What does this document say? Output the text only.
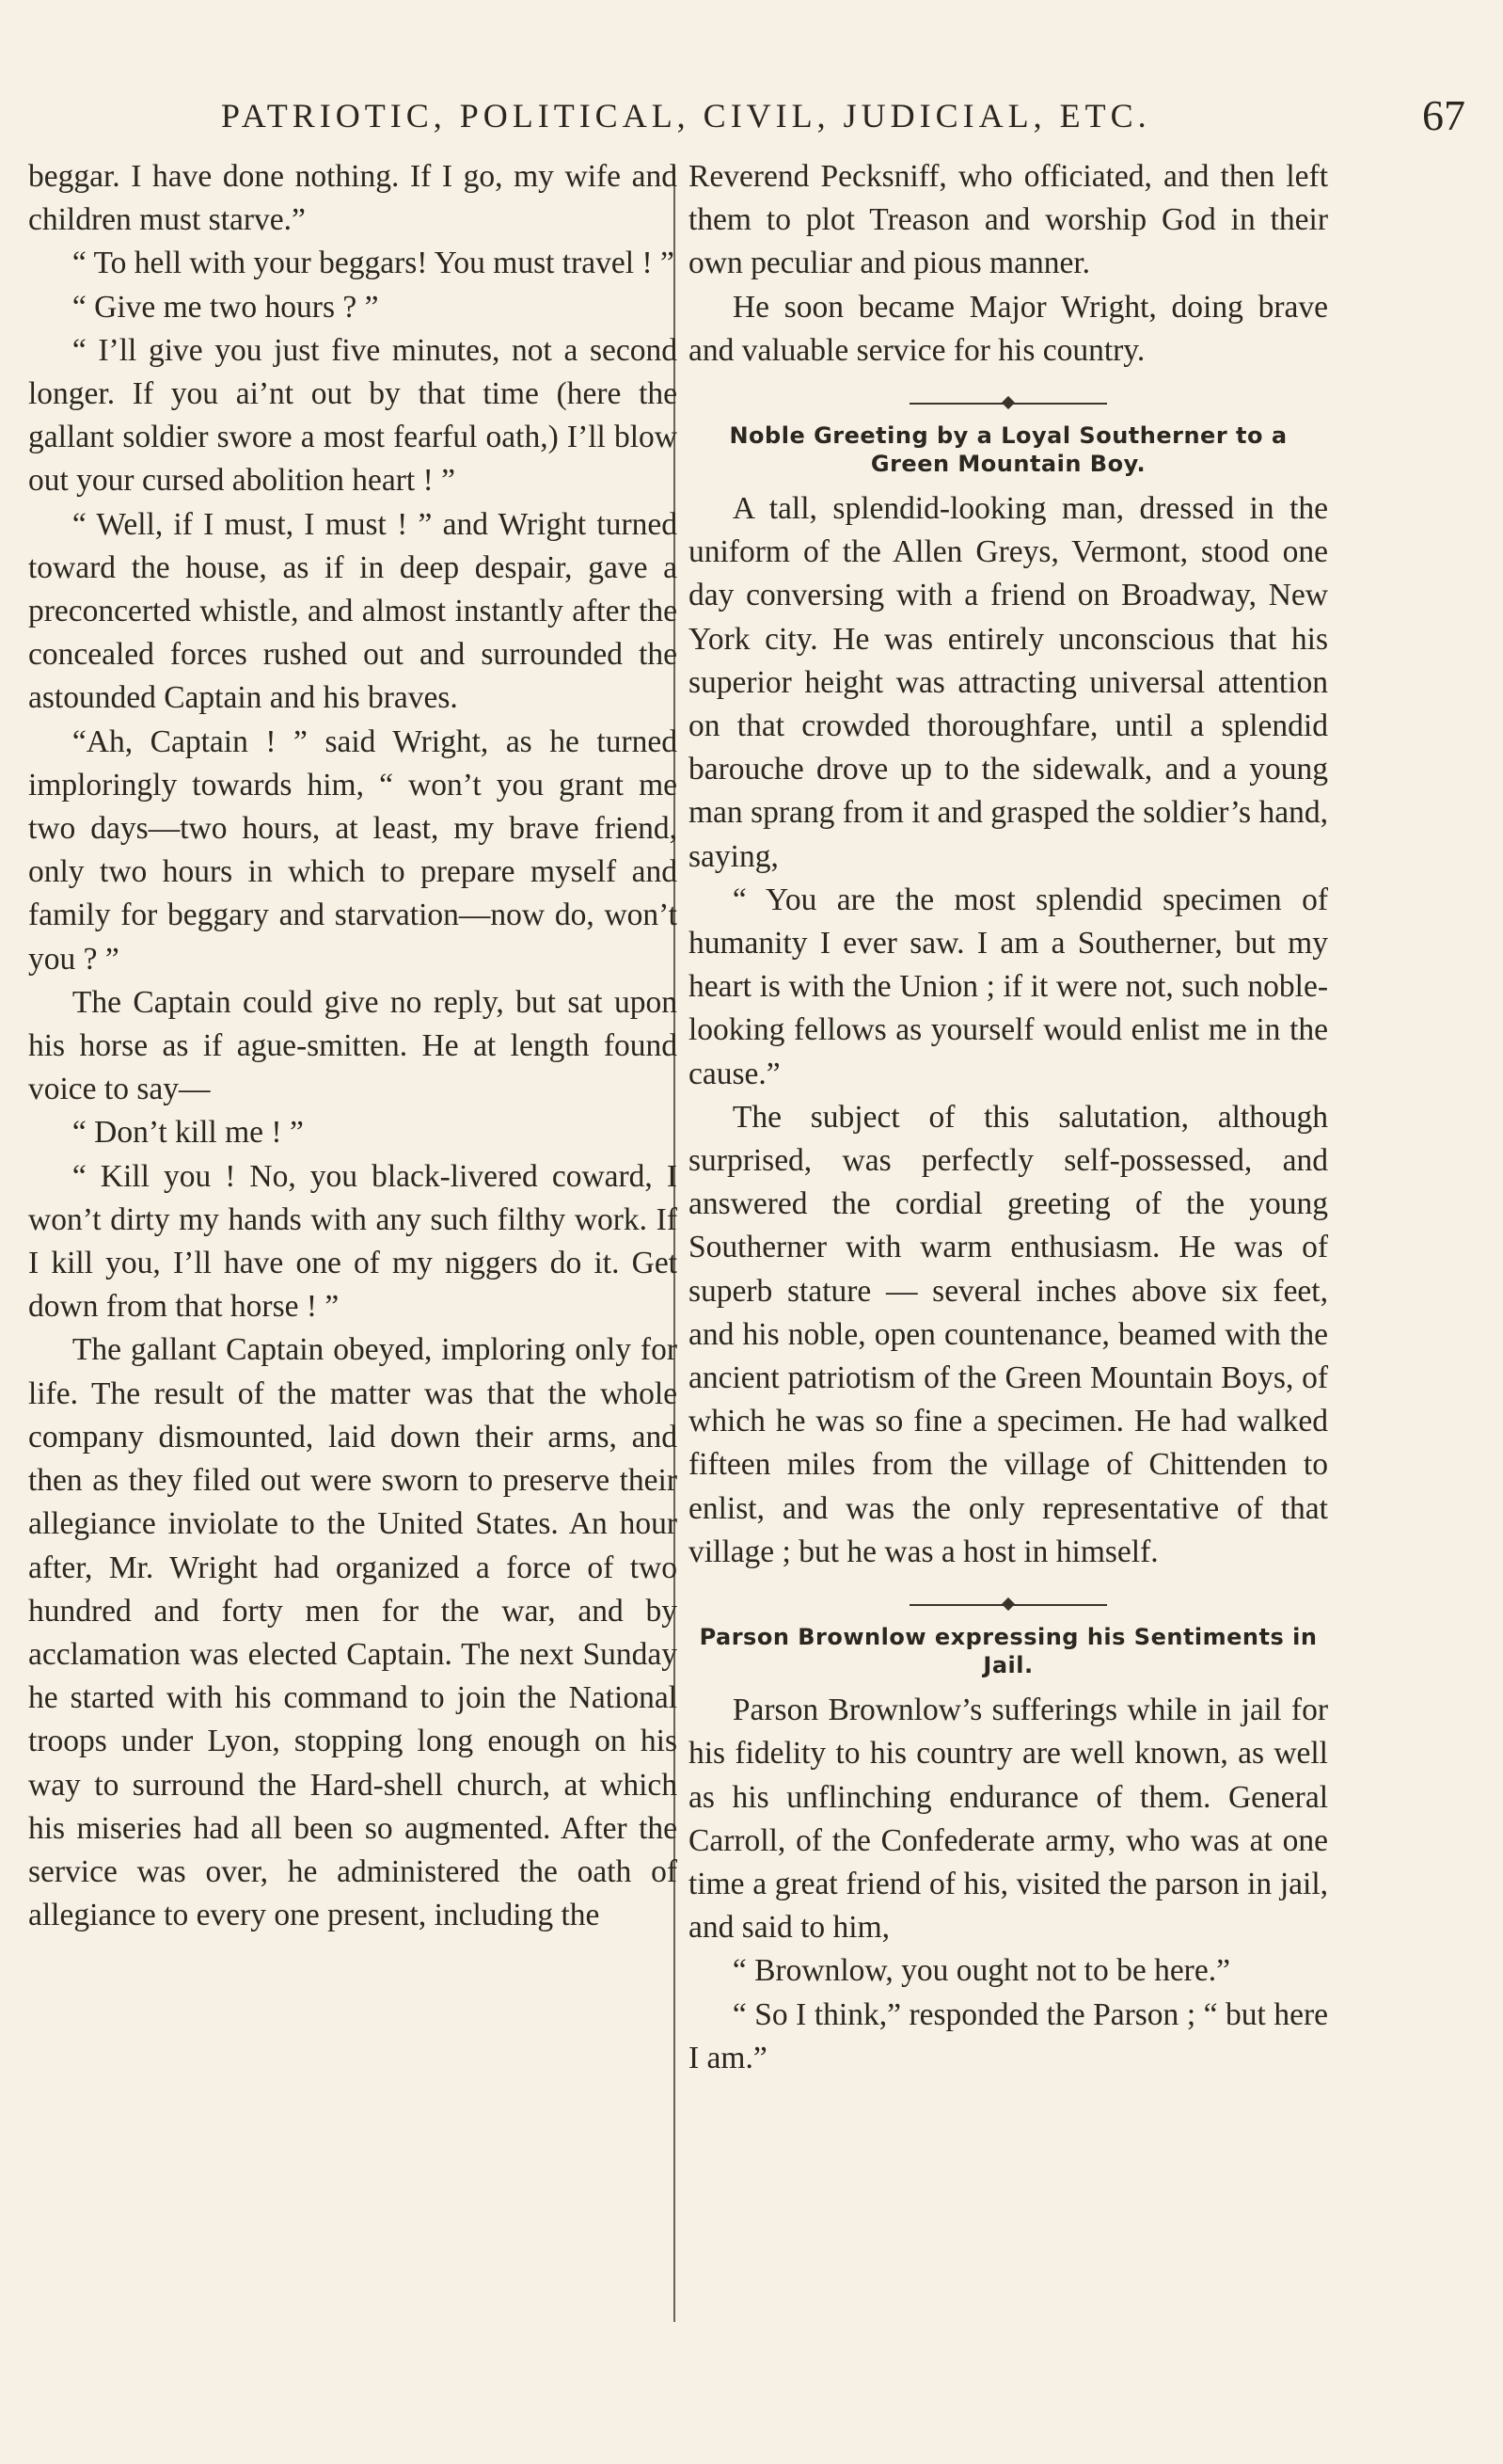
PATRIOTIC, POLITICAL, CIVIL, JUDICIAL, ETC.	67

beggar. I have done nothing. If I go, my wife and children must starve.”

“ To hell with your beggars! You must travel ! ”

“ Give me two hours ? ”

“ I’ll give you just five minutes, not a second longer. If you ai’nt out by that time (here the gallant soldier swore a most fearful oath,) I’ll blow out your cursed abolition heart ! ”

“ Well, if I must, I must ! ” and Wright turned toward the house, as if in deep despair, gave a preconcerted whistle, and almost instantly after the concealed forces rushed out and surrounded the astounded Captain and his braves.

“Ah, Captain ! ” said Wright, as he turned imploringly towards him, “ won’t you grant me two days—two hours, at least, my brave friend, only two hours in which to prepare myself and family for beggary and starvation—now do, won’t you ? ”

The Captain could give no reply, but sat upon his horse as if ague-smitten. He at length found voice to say—

“ Don’t kill me ! ”

“ Kill you ! No, you black-livered coward, I won’t dirty my hands with any such filthy work. If I kill you, I’ll have one of my niggers do it. Get down from that horse ! ”

The gallant Captain obeyed, imploring only for life. The result of the matter was that the whole company dismounted, laid down their arms, and then as they filed out were sworn to preserve their allegiance inviolate to the United States. An hour after, Mr. Wright had organized a force of two hundred and forty men for the war, and by acclamation was elected Captain. The next Sunday he started with his command to join the National troops under Lyon, stopping long enough on his way to surround the Hard-shell church, at which his miseries had all been so augmented. After the service was over, he administered the oath of allegiance to every one present, including the

Reverend Pecksniff, who officiated, and then left them to plot Treason and worship God in their own peculiar and pious manner.

He soon became Major Wright, doing brave and valuable service for his country.

Noble Greeting by a Loyal Southerner to a Green Mountain Boy.

A tall, splendid-looking man, dressed in the uniform of the Allen Greys, Vermont, stood one day conversing with a friend on Broadway, New York city. He was entirely unconscious that his superior height was attracting universal attention on that crowded thoroughfare, until a splendid barouche drove up to the sidewalk, and a young man sprang from it and grasped the soldier’s hand, saying,

“ You are the most splendid specimen of humanity I ever saw. I am a Southerner, but my heart is with the Union ; if it were not, such noble-looking fellows as yourself would enlist me in the cause.”

The subject of this salutation, although surprised, was perfectly self-possessed, and answered the cordial greeting of the young Southerner with warm enthusiasm. He was of superb stature — several inches above six feet, and his noble, open countenance, beamed with the ancient patriotism of the Green Mountain Boys, of which he was so fine a specimen. He had walked fifteen miles from the village of Chittenden to enlist, and was the only representative of that village ; but he was a host in himself.

Parson Brownlow expressing his Sentiments in Jail.

Parson Brownlow’s sufferings while in jail for his fidelity to his country are well known, as well as his unflinching endurance of them. General Carroll, of the Confederate army, who was at one time a great friend of his, visited the parson in jail, and said to him,

“ Brownlow, you ought not to be here.”

“ So I think,” responded the Parson ; “ but here I am.”
